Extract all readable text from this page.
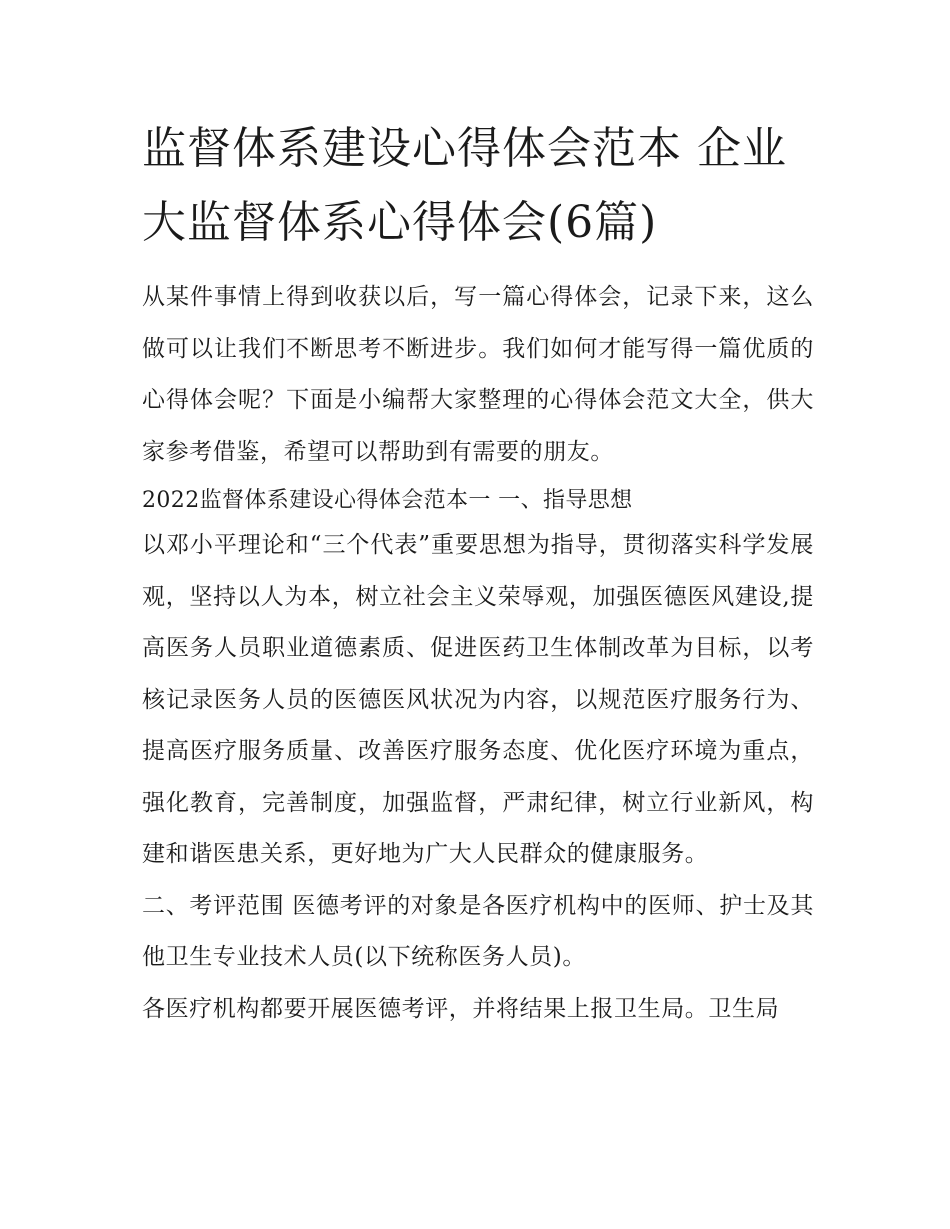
监督体系建设心得体会范本 企业大监督体系心得体会(6篇)

从某件事情上得到收获以后，写一篇心得体会，记录下来，这么做可以让我们不断思考不断进步。我们如何才能写得一篇优质的心得体会呢？下面是小编帮大家整理的心得体会范文大全，供大家参考借鉴，希望可以帮助到有需要的朋友。

2022监督体系建设心得体会范本一 一、指导思想

以邓小平理论和“三个代表”重要思想为指导，贯彻落实科学发展观，坚持以人为本，树立社会主义荣辱观，加强医德医风建设,提高医务人员职业道德素质、促进医药卫生体制改革为目标，以考核记录医务人员的医德医风状况为内容，以规范医疗服务行为、提高医疗服务质量、改善医疗服务态度、优化医疗环境为重点，强化教育，完善制度，加强监督，严肃纪律，树立行业新风，构建和谐医患关系，更好地为广大人民群众的健康服务。

二、考评范围 医德考评的对象是各医疗机构中的医师、护士及其他卫生专业技术人员(以下统称医务人员)。

各医疗机构都要开展医德考评，并将结果上报卫生局。卫生局
